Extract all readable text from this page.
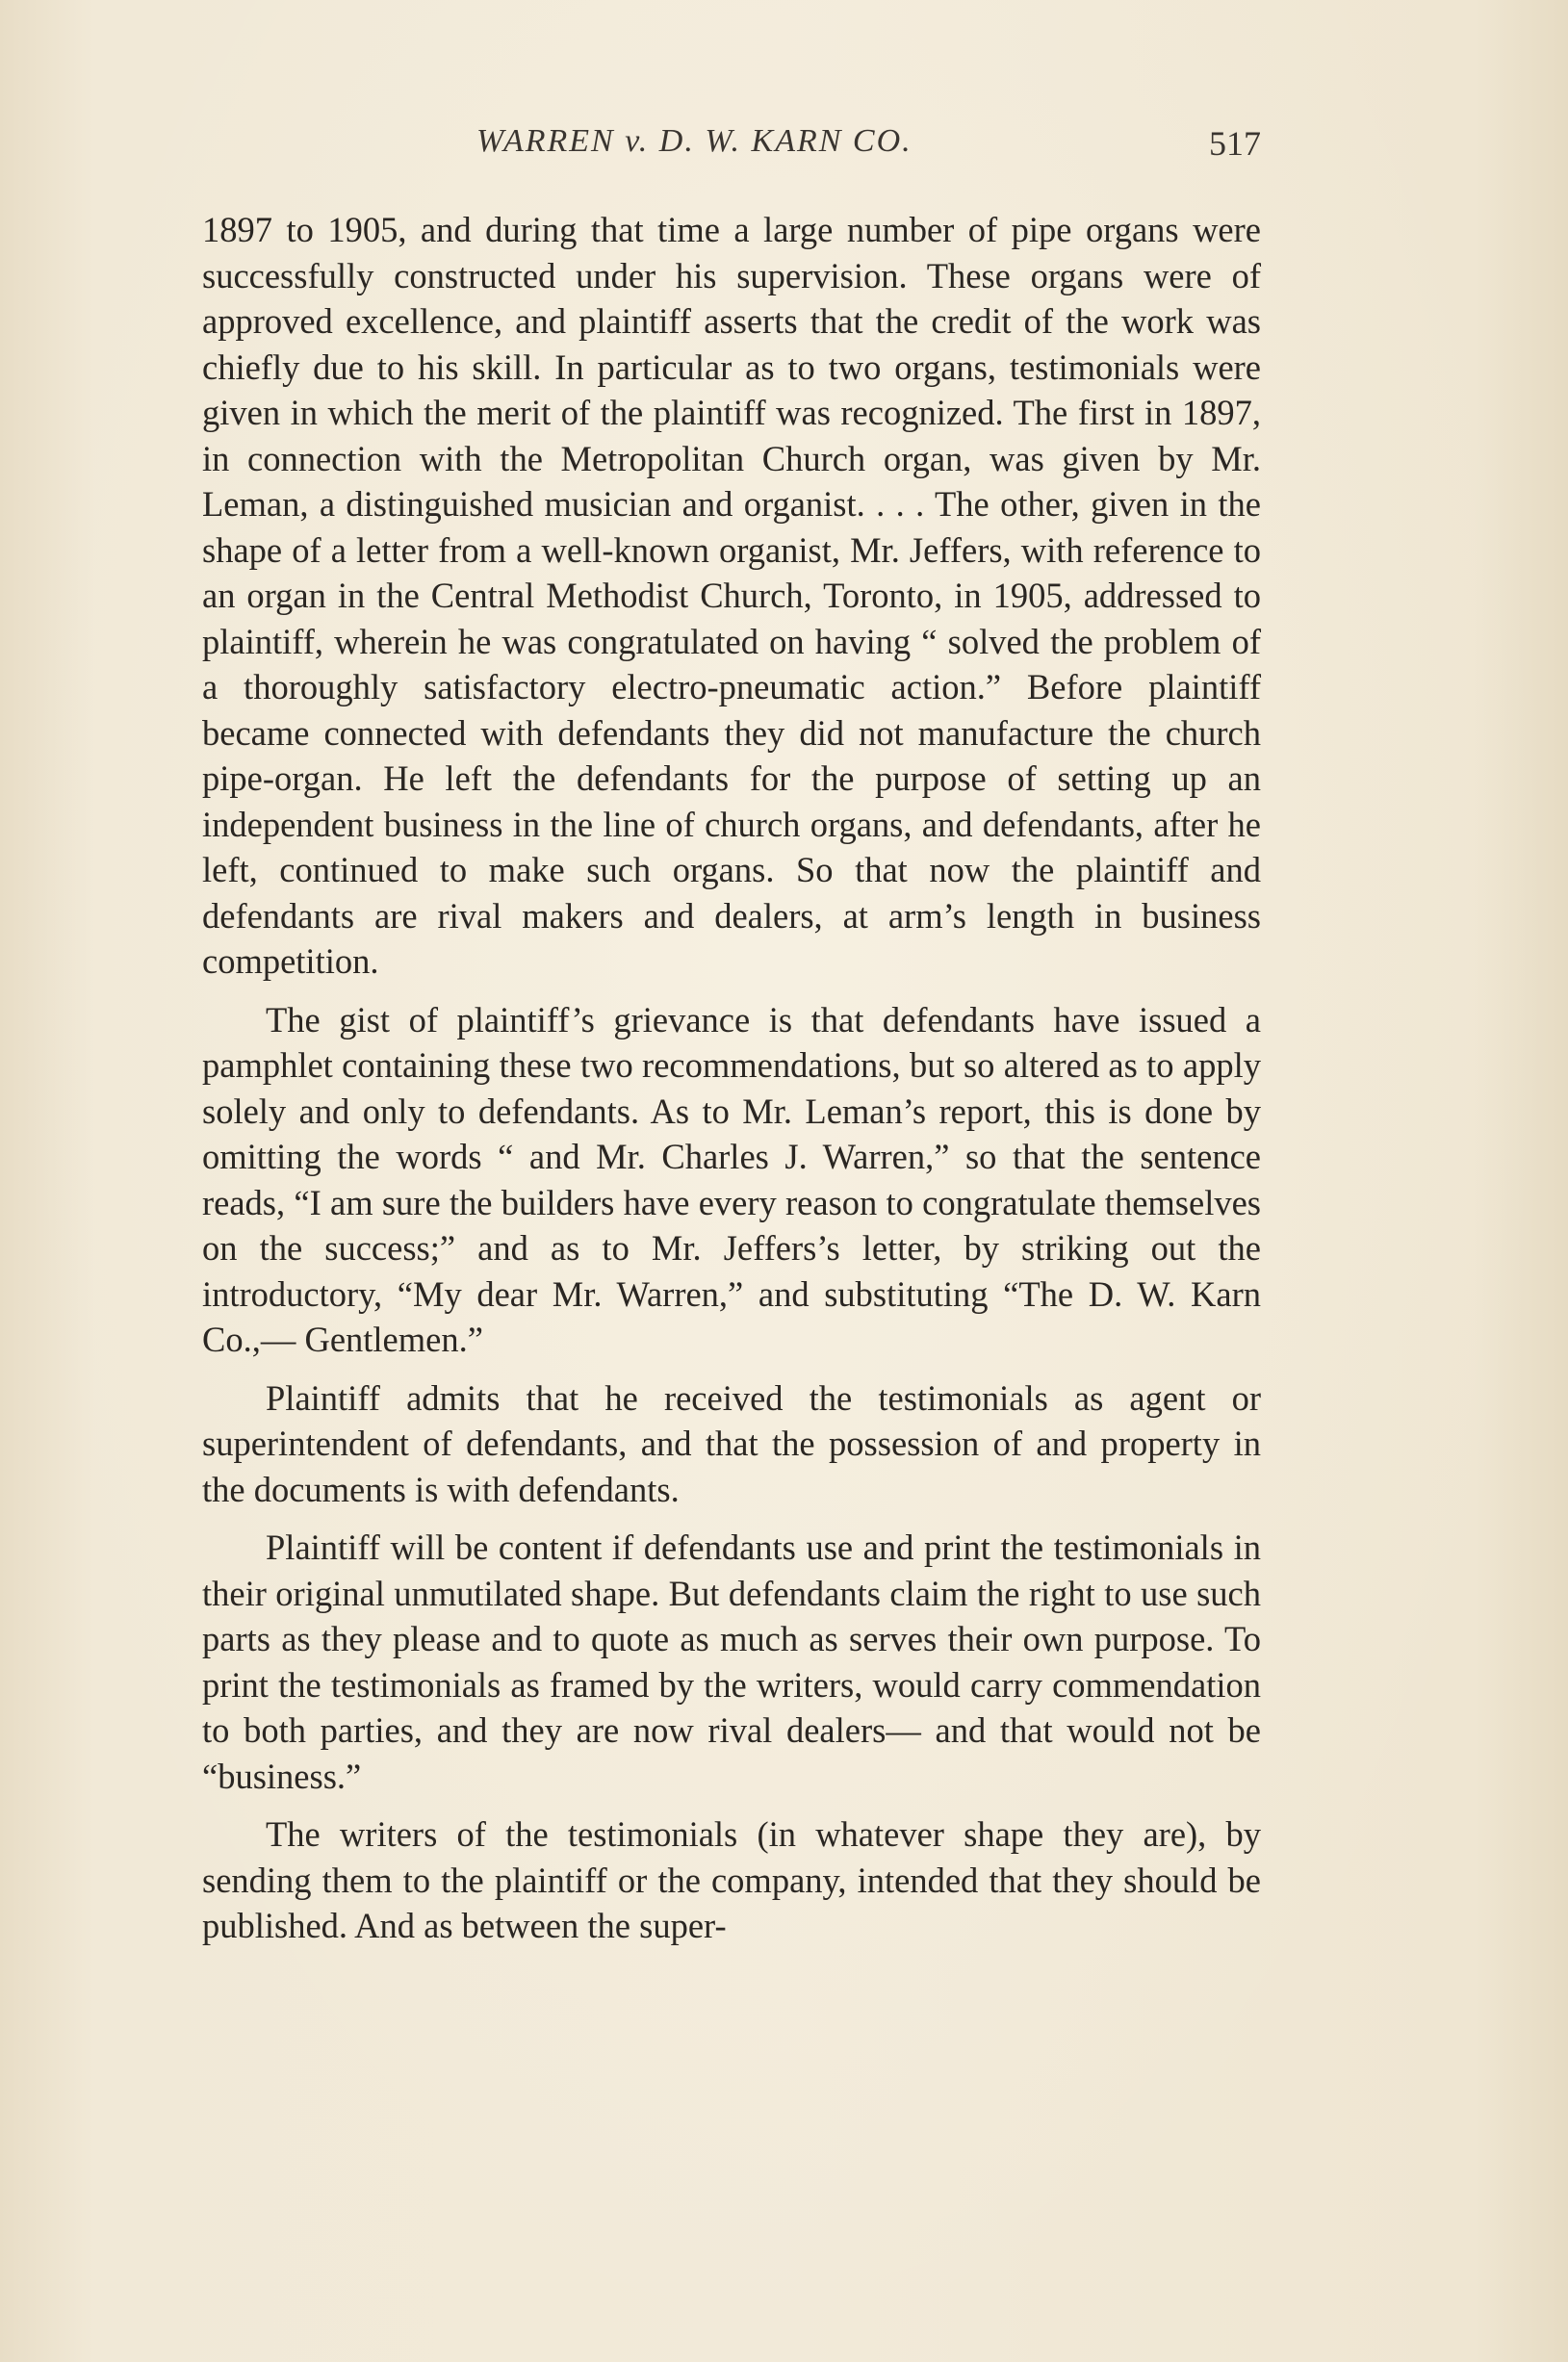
WARREN v. D. W. KARN CO.	517

1897 to 1905, and during that time a large number of pipe organs were successfully constructed under his supervision. These organs were of approved excellence, and plaintiff asserts that the credit of the work was chiefly due to his skill. In particular as to two organs, testimonials were given in which the merit of the plaintiff was recognized. The first in 1897, in connection with the Metropolitan Church organ, was given by Mr. Leman, a distinguished musician and organist. . . . The other, given in the shape of a letter from a well-known organist, Mr. Jeffers, with reference to an organ in the Central Methodist Church, Toronto, in 1905, addressed to plaintiff, wherein he was congratulated on having “ solved the problem of a thoroughly satisfactory electro-pneumatic action.” Before plaintiff became connected with defendants they did not manufacture the church pipe-organ. He left the defendants for the purpose of setting up an independent business in the line of church organs, and defendants, after he left, continued to make such organs. So that now the plaintiff and defendants are rival makers and dealers, at arm’s length in business competition.

The gist of plaintiff’s grievance is that defendants have issued a pamphlet containing these two recommendations, but so altered as to apply solely and only to defendants. As to Mr. Leman’s report, this is done by omitting the words “ and Mr. Charles J. Warren,” so that the sentence reads, “I am sure the builders have every reason to congratulate themselves on the success;” and as to Mr. Jeffers’s letter, by striking out the introductory, “My dear Mr. Warren,” and substituting “The D. W. Karn Co.,— Gentlemen.”

Plaintiff admits that he received the testimonials as agent or superintendent of defendants, and that the possession of and property in the documents is with defendants.

Plaintiff will be content if defendants use and print the testimonials in their original unmutilated shape. But defendants claim the right to use such parts as they please and to quote as much as serves their own purpose. To print the testimonials as framed by the writers, would carry commendation to both parties, and they are now rival dealers— and that would not be “business.”

The writers of the testimonials (in whatever shape they are), by sending them to the plaintiff or the company, intended that they should be published. And as between the super-
